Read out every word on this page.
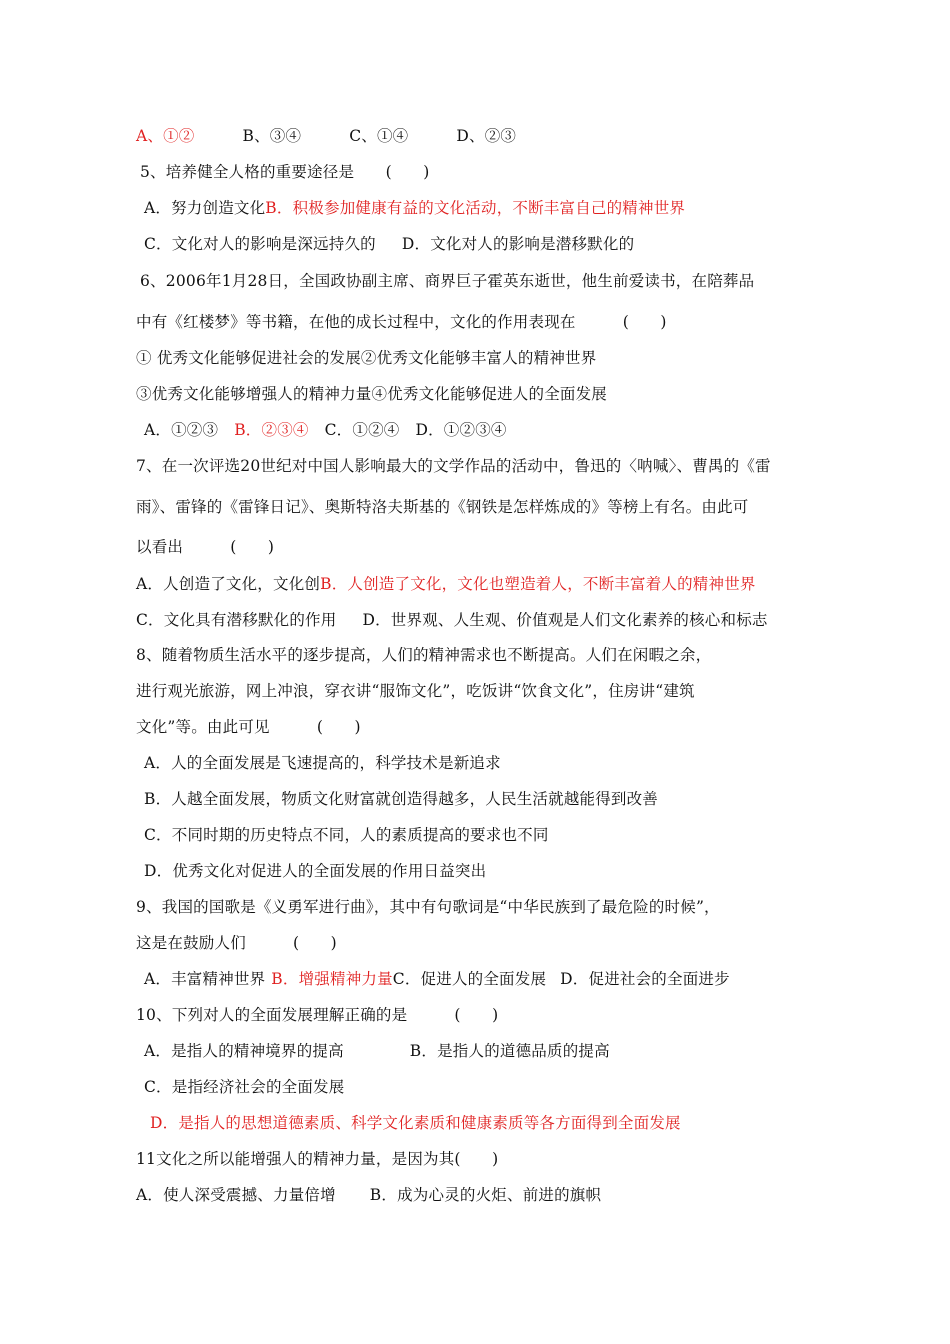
A、①②	B、③④	C、①④	D、②③
5、培养健全人格的重要途径是　　(　　)
A．努力创造文化B．积极参加健康有益的文化活动，不断丰富自己的精神世界
C．文化对人的影响是深远持久的 D．文化对人的影响是潜移默化的
6、2006年1月28日，全国政协副主席、商界巨子霍英东逝世，他生前爱读书，在陪葬品
中有《红楼梦》等书籍，在他的成长过程中，文化的作用表现在　　　(　　)
① 优秀文化能够促进社会的发展②优秀文化能够丰富人的精神世界
③优秀文化能够增强人的精神力量④优秀文化能够促进人的全面发展
A．①②③ B．②③④ C．①②④ D．①②③④
7、在一次评选20世纪对中国人影响最大的文学作品的活动中，鲁迅的〈呐喊〉、曹禺的《雷
雨》、雷锋的《雷锋日记》、奥斯特洛夫斯基的《钢铁是怎样炼成的》等榜上有名。由此可
以看出　　　(　　)
A．人创造了文化，文化创B．人创造了文化，文化也塑造着人，不断丰富着人的精神世界
C．文化具有潜移默化的作用 D．世界观、人生观、价值观是人们文化素养的核心和标志
8、随着物质生活水平的逐步提高，人们的精神需求也不断提高。人们在闲暇之余，
进行观光旅游，网上冲浪，穿衣讲“服饰文化”，吃饭讲“饮食文化”，住房讲“建筑
文化”等。由此可见　　　(　　)
A．人的全面发展是飞速提高的，科学技术是新追求
B．人越全面发展，物质文化财富就创造得越多，人民生活就越能得到改善
C．不同时期的历史特点不同，人的素质提高的要求也不同
D．优秀文化对促进人的全面发展的作用日益突出
9、我国的国歌是《义勇军进行曲》，其中有句歌词是“中华民族到了最危险的时候”，
这是在鼓励人们　　　(　　)
A．丰富精神世界 B．增强精神力量C．促进人的全面发展 D．促进社会的全面进步
10、下列对人的全面发展理解正确的是　　　(　　)
A．是指人的精神境界的提高	B．是指人的道德品质的提高
C．是指经济社会的全面发展
D．是指人的思想道德素质、科学文化素质和健康素质等各方面得到全面发展
11文化之所以能增强人的精神力量，是因为其(　　)
A．使人深受震撼、力量倍增 B．成为心灵的火炬、前进的旗帜
